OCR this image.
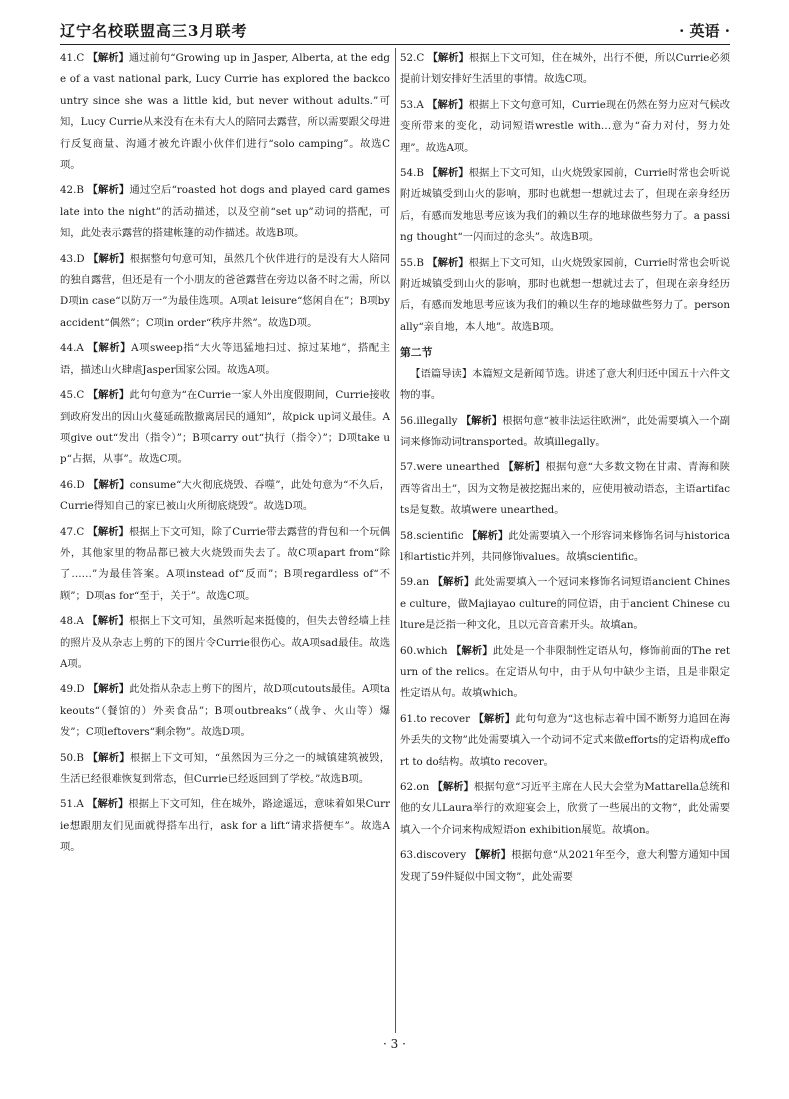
辽宁名校联盟高三3月联考	· 英语 ·

41.C 【解析】通过前句“Growing up in Jasper, Alberta, at the edge of a vast national park, Lucy Currie has explored the backcountry since she was a little kid, but never without adults.”可知，Lucy Currie从来没有在未有大人的陪同去露营，所以需要跟父母进行反复商量、沟通才被允许跟小伙伴们进行“solo camping”。故选C项。

42.B 【解析】通过空后“roasted hot dogs and played card games late into the night”的活动描述，以及空前“set up”动词的搭配，可知，此处表示露营的搭建帐篷的动作描述。故选B项。

43.D 【解析】根据整句句意可知，虽然几个伙伴进行的是没有大人陪同的独自露营，但还是有一个小朋友的爸爸露营在旁边以备不时之需，所以D项in case“以防万一”为最佳选项。A项at leisure“悠闲自在”；B项by accident“偶然”；C项in order“秩序井然”。故选D项。

44.A 【解析】A项sweep指“大火等迅猛地扫过、掠过某地”，搭配主语，描述山火肆虐Jasper国家公园。故选A项。

45.C 【解析】此句句意为“在Currie一家人外出度假期间，Currie接收到政府发出的因山火蔓延疏散撤离居民的通知”，故pick up词义最佳。A项give out“发出（指令）”；B项carry out“执行（指令）”；D项take up“占据，从事”。故选C项。

46.D 【解析】consume“大火彻底烧毁、吞噬”，此处句意为“不久后，Currie得知自己的家已被山火所彻底烧毁”。故选D项。

47.C 【解析】根据上下文可知，除了Currie带去露营的背包和一个玩偶外，其他家里的物品都已被大火烧毁而失去了。故C项apart from“除了……”为最佳答案。A项instead of“反而”；B项regardless of“不顾”；D项as for“至于，关于”。故选C项。

48.A 【解析】根据上下文可知，虽然听起来挺傻的，但失去曾经墙上挂的照片及从杂志上剪的下的图片令Currie很伤心。故A项sad最佳。故选A项。

49.D 【解析】此处指从杂志上剪下的图片，故D项cutouts最佳。A项takeouts“（餐馆的）外卖食品”；B项outbreaks“（战争、火山等）爆发”；C项leftovers“剩余物”。故选D项。

50.B 【解析】根据上下文可知，“虽然因为三分之一的城镇建筑被毁，生活已经很难恢复到常态，但Currie已经返回到了学校。”故选B项。

51.A 【解析】根据上下文可知，住在城外，路途遥远，意味着如果Currie想跟朋友们见面就得搭车出行，ask for a lift“请求搭便车”。故选A项。

52.C 【解析】根据上下文可知，住在城外，出行不便，所以Currie必须提前计划安排好生活里的事情。故选C项。

53.A 【解析】根据上下文句意可知，Currie现在仍然在努力应对气候改变所带来的变化，动词短语wrestle with…意为“奋力对付，努力处理”。故选A项。

54.B 【解析】根据上下文可知，山火烧毁家园前，Currie时常也会听说附近城镇受到山火的影响，那时也就想一想就过去了，但现在亲身经历后，有感而发地思考应该为我们的赖以生存的地球做些努力了。a passing thought“一闪而过的念头”。故选B项。

55.B 【解析】根据上下文可知，山火烧毁家园前，Currie时常也会听说附近城镇受到山火的影响，那时也就想一想就过去了，但现在亲身经历后，有感而发地思考应该为我们的赖以生存的地球做些努力了。personally“亲自地，本人地”。故选B项。

第二节

【语篇导读】本篇短文是新闻节选。讲述了意大利归还中国五十六件文物的事。

56.illegally 【解析】根据句意“被非法运往欧洲”，此处需要填入一个副词来修饰动词transported。故填illegally。

57.were unearthed 【解析】根据句意“大多数文物在甘肃、青海和陕西等省出土”，因为文物是被挖掘出来的，应使用被动语态，主语artifacts是复数。故填were unearthed。

58.scientific 【解析】此处需要填入一个形容词来修饰名词与historical和artistic并列，共同修饰values。故填scientific。

59.an 【解析】此处需要填入一个冠词来修饰名词短语ancient Chinese culture，做Majiayao culture的同位语，由于ancient Chinese culture是泛指一种文化，且以元音音素开头。故填an。

60.which 【解析】此处是一个非限制性定语从句，修饰前面的The return of the relics。在定语从句中，由于从句中缺少主语，且是非限定性定语从句。故填which。

61.to recover 【解析】此句句意为“这也标志着中国不断努力追回在海外丢失的文物”此处需要填入一个动词不定式来做efforts的定语构成effort to do结构。故填to recover。

62.on 【解析】根据句意“习近平主席在人民大会堂为Mattarella总统和他的女儿Laura举行的欢迎宴会上，欣赏了一些展出的文物”，此处需要填入一个介词来构成短语on exhibition展览。故填on。

63.discovery 【解析】根据句意“从2021年至今，意大利警方通知中国发现了59件疑似中国文物”，此处需要

· 3 ·
